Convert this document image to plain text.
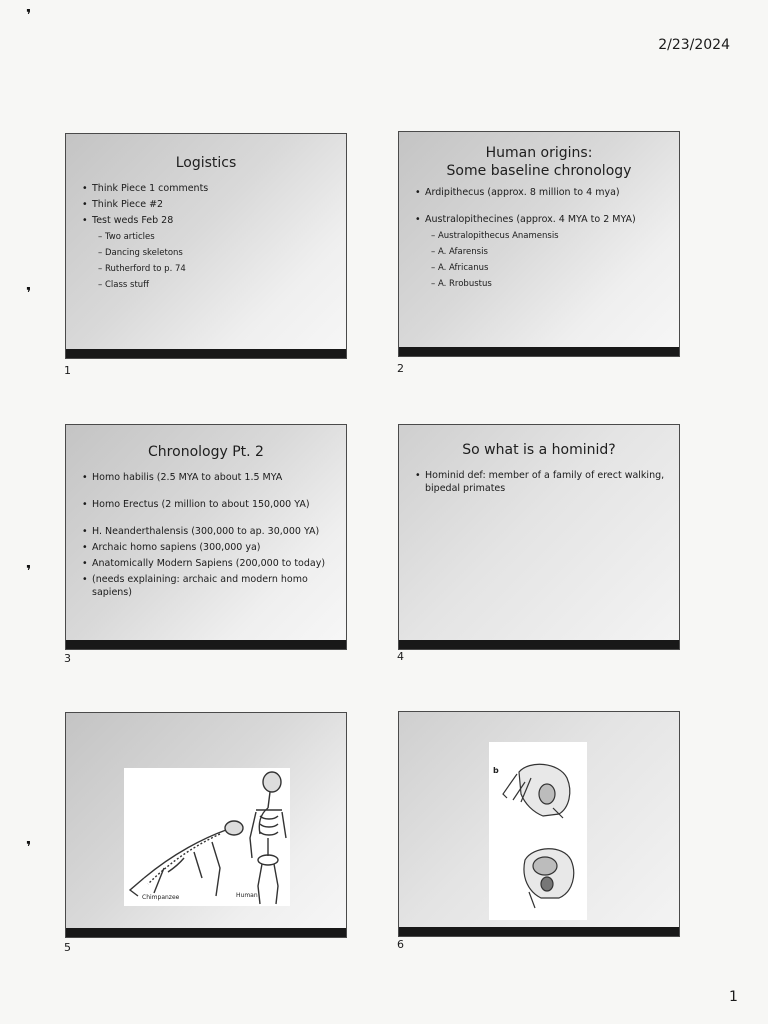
2/23/2024
❜
❜
❜
❜
Logistics
• Think Piece 1 comments
• Think Piece #2
• Test weds Feb 28
– Two articles
– Dancing skeletons
– Rutherford to p. 74
– Class stuff
1
Human origins:
Some baseline chronology
• Ardipithecus (approx. 8 million to 4 mya)
• Australopithecines (approx. 4 MYA to 2 MYA)
– Australopithecus Anamensis
– A. Afarensis
– A. Africanus
– A. Rrobustus
2
Chronology Pt. 2
• Homo habilis (2.5 MYA to about 1.5 MYA
• Homo Erectus (2 million to about 150,000 YA)
• H. Neanderthalensis (300,000 to ap. 30,000 YA)
• Archaic homo sapiens (300,000 ya)
• Anatomically Modern Sapiens (200,000 to today)
• (needs explaining: archaic and modern homo sapiens)
3
So what is a hominid?
• Hominid def: member of a family of erect walking, bipedal primates
4
Chimpanzee	Human
5
b
6
1
